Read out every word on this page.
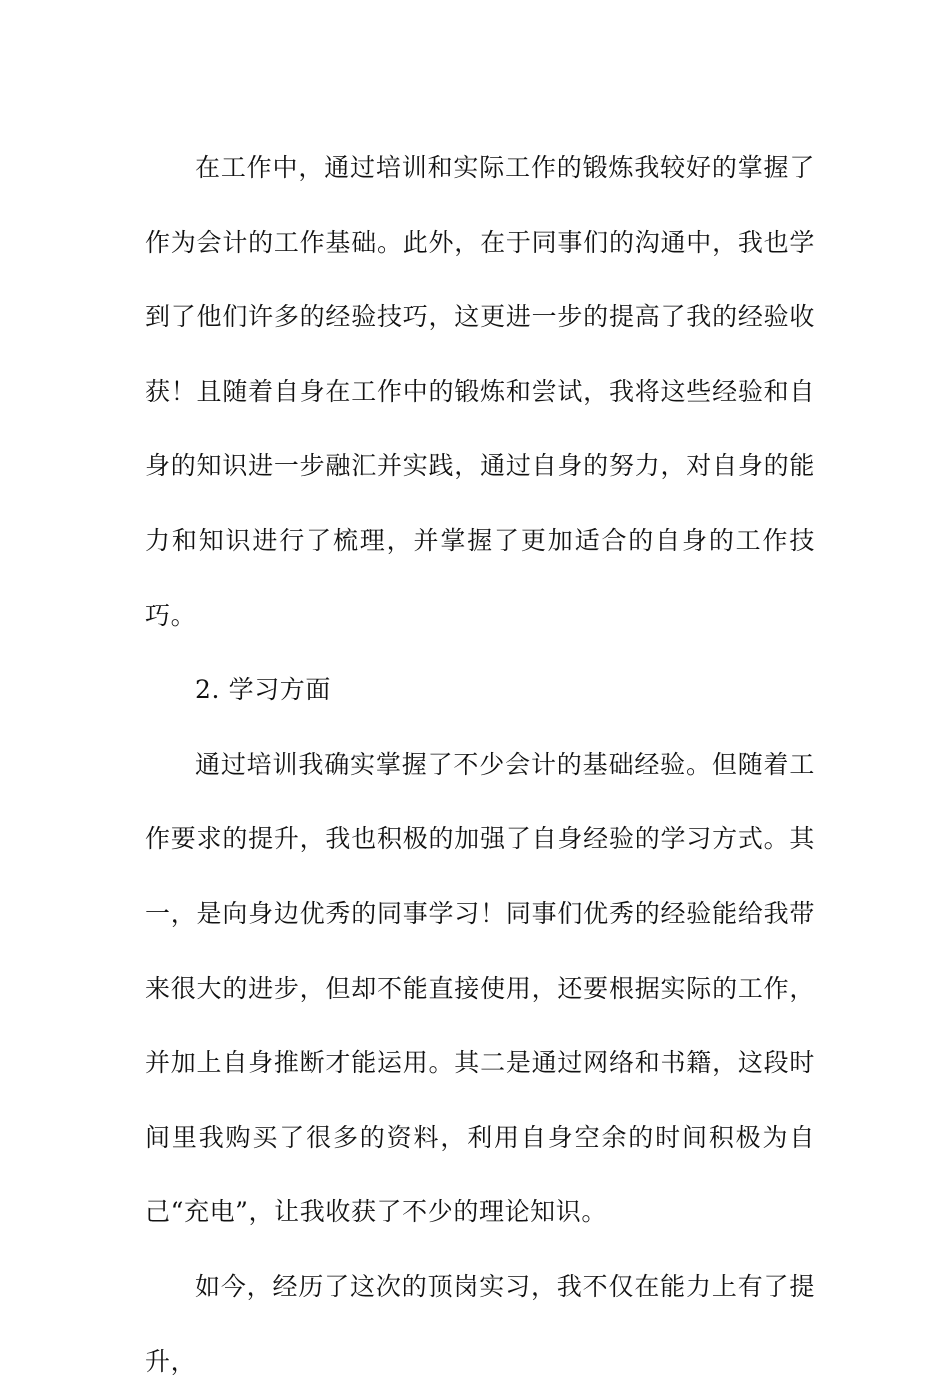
在工作中，通过培训和实际工作的锻炼我较好的掌握了作为会计的工作基础。此外，在于同事们的沟通中，我也学到了他们许多的经验技巧，这更进一步的提高了我的经验收获！且随着自身在工作中的锻炼和尝试，我将这些经验和自身的知识进一步融汇并实践，通过自身的努力，对自身的能力和知识进行了梳理，并掌握了更加适合的自身的工作技巧。

2. 学习方面

通过培训我确实掌握了不少会计的基础经验。但随着工作要求的提升，我也积极的加强了自身经验的学习方式。其一，是向身边优秀的同事学习！同事们优秀的经验能给我带来很大的进步，但却不能直接使用，还要根据实际的工作，并加上自身推断才能运用。其二是通过网络和书籍，这段时间里我购买了很多的资料，利用自身空余的时间积极为自己“充电”，让我收获了不少的理论知识。

如今，经历了这次的顶岗实习，我不仅在能力上有了提升，
